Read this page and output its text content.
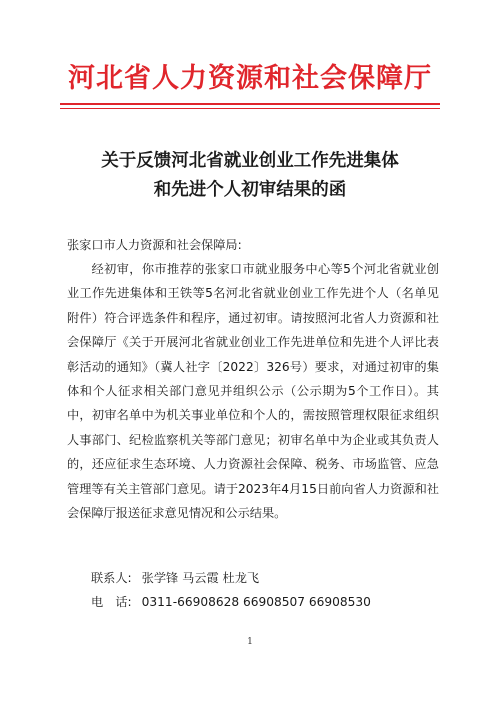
河北省人力资源和社会保障厅
关于反馈河北省就业创业工作先进集体
和先进个人初审结果的函
张家口市人力资源和社会保障局:
经初审，你市推荐的张家口市就业服务中心等5个河北省就业创业工作先进集体和王铁等5名河北省就业创业工作先进个人（名单见附件）符合评选条件和程序，通过初审。请按照河北省人力资源和社会保障厅《关于开展河北省就业创业工作先进单位和先进个人评比表彰活动的通知》（冀人社字〔2022〕326号）要求，对通过初审的集体和个人征求相关部门意见并组织公示（公示期为5个工作日）。其中，初审名单中为机关事业单位和个人的，需按照管理权限征求组织人事部门、纪检监察机关等部门意见；初审名单中为企业或其负责人的，还应征求生态环境、人力资源社会保障、税务、市场监管、应急管理等有关主管部门意见。请于2023年4月15日前向省人力资源和社会保障厅报送征求意见情况和公示结果。
联系人: 张学锋 马云霞 杜龙飞
电　话: 0311-66908628 66908507 66908530
1
